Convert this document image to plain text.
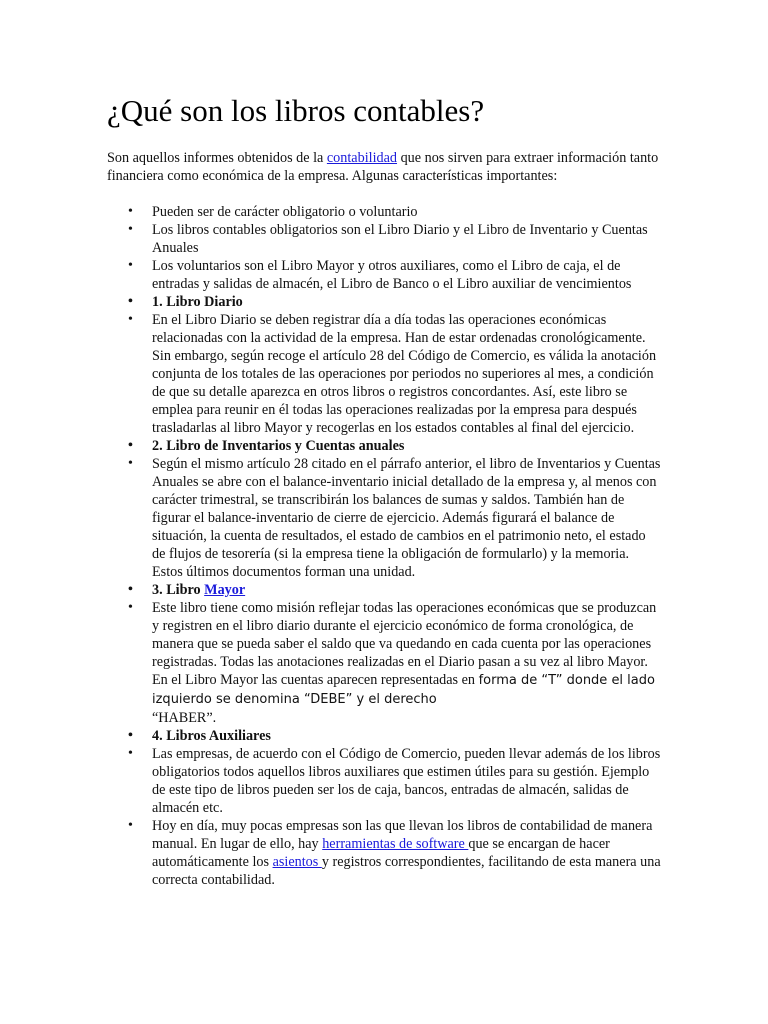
¿Qué son los libros contables?

Son aquellos informes obtenidos de la contabilidad que nos sirven para extraer información tanto financiera como económica de la empresa. Algunas características importantes:

• Pueden ser de carácter obligatorio o voluntario
• Los libros contables obligatorios son el Libro Diario y el Libro de Inventario y Cuentas Anuales
• Los voluntarios son el Libro Mayor y otros auxiliares, como el Libro de caja, el de entradas y salidas de almacén, el Libro de Banco o el Libro auxiliar de vencimientos
• 1. Libro Diario
• En el Libro Diario se deben registrar día a día todas las operaciones económicas relacionadas con la actividad de la empresa. Han de estar ordenadas cronológicamente. Sin embargo, según recoge el artículo 28 del Código de Comercio, es válida la anotación conjunta de los totales de las operaciones por periodos no superiores al mes, a condición de que su detalle aparezca en otros libros o registros concordantes. Así, este libro se emplea para reunir en él todas las operaciones realizadas por la empresa para después trasladarlas al libro Mayor y recogerlas en los estados contables al final del ejercicio.
• 2. Libro de Inventarios y Cuentas anuales
• Según el mismo artículo 28 citado en el párrafo anterior, el libro de Inventarios y Cuentas Anuales se abre con el balance-inventario inicial detallado de la empresa y, al menos con carácter trimestral, se transcribirán los balances de sumas y saldos. También han de figurar el balance-inventario de cierre de ejercicio. Además figurará el balance de situación, la cuenta de resultados, el estado de cambios en el patrimonio neto, el estado de flujos de tesorería (si la empresa tiene la obligación de formularlo) y la memoria. Estos últimos documentos forman una unidad.
• 3. Libro Mayor
• Este libro tiene como misión reflejar todas las operaciones económicas que se produzcan y registren en el libro diario durante el ejercicio económico de forma cronológica, de manera que se pueda saber el saldo que va quedando en cada cuenta por las operaciones registradas. Todas las anotaciones realizadas en el Diario pasan a su vez al libro Mayor. En el Libro Mayor las cuentas aparecen representadas en forma de “T” donde el lado izquierdo se denomina “DEBE” y el derecho
“HABER”.
• 4. Libros Auxiliares
• Las empresas, de acuerdo con el Código de Comercio, pueden llevar además de los libros obligatorios todos aquellos libros auxiliares que estimen útiles para su gestión. Ejemplo de este tipo de libros pueden ser los de caja, bancos, entradas de almacén, salidas de almacén etc.
• Hoy en día, muy pocas empresas son las que llevan los libros de contabilidad de manera manual. En lugar de ello, hay herramientas de software que se encargan de hacer automáticamente los asientos y registros correspondientes, facilitando de esta manera una correcta contabilidad.
